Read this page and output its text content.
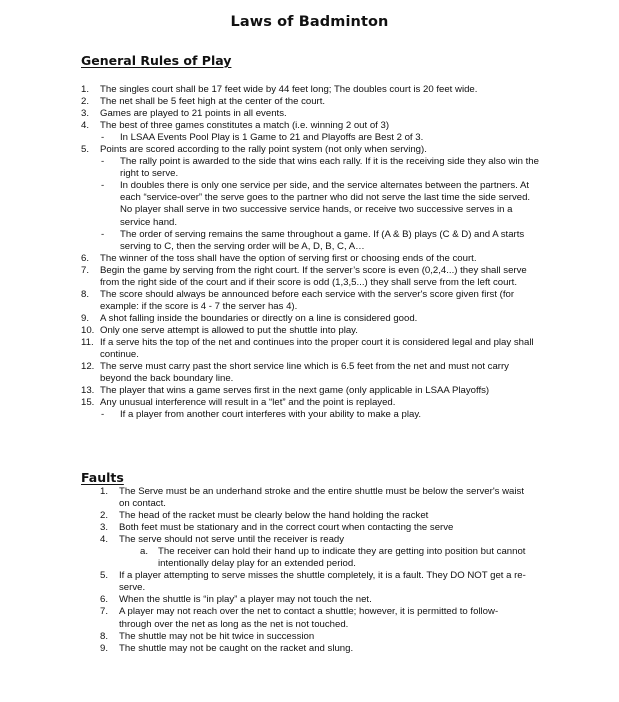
Laws of Badminton
General Rules of Play
1. The singles court shall be 17 feet wide by 44 feet long; The doubles court is 20 feet wide.
2. The net shall be 5 feet high at the center of the court.
3. Games are played to 21 points in all events.
4. The best of three games constitutes a match (i.e. winning 2 out of 3)
- In LSAA Events Pool Play is 1 Game to 21 and Playoffs are Best 2 of 3.
5. Points are scored according to the rally point system (not only when serving).
- The rally point is awarded to the side that wins each rally. If it is the receiving side they also win the right to serve.
- In doubles there is only one service per side, and the service alternates between the partners. At each “service-over” the serve goes to the partner who did not serve the last time the side served. No player shall serve in two successive service hands, or receive two successive serves in a service hand.
- The order of serving remains the same throughout a game. If (A & B) plays (C & D) and A starts serving to C, then the serving order will be A, D, B, C, A…
6. The winner of the toss shall have the option of serving first or choosing ends of the court.
7. Begin the game by serving from the right court. If the server’s score is even (0,2,4...) they shall serve from the right side of the court and if their score is odd (1,3,5...) they shall serve from the left court.
8. The score should always be announced before each service with the server's score given first (for example: if the score is 4 - 7 the server has 4).
9. A shot falling inside the boundaries or directly on a line is considered good.
10. Only one serve attempt is allowed to put the shuttle into play.
11. If a serve hits the top of the net and continues into the proper court it is considered legal and play shall continue.
12. The serve must carry past the short service line which is 6.5 feet from the net and must not carry beyond the back boundary line.
13. The player that wins a game serves first in the next game (only applicable in LSAA Playoffs)
15. Any unusual interference will result in a “let” and the point is replayed.
- If a player from another court interferes with your ability to make a play.
Faults
1. The Serve must be an underhand stroke and the entire shuttle must be below the server's waist on contact.
2. The head of the racket must be clearly below the hand holding the racket
3. Both feet must be stationary and in the correct court when contacting the serve
4. The serve should not serve until the receiver is ready
a. The receiver can hold their hand up to indicate they are getting into position but cannot intentionally delay play for an extended period.
5. If a player attempting to serve misses the shuttle completely, it is a fault. They DO NOT get a re-serve.
6. When the shuttle is “in play” a player may not touch the net.
7. A player may not reach over the net to contact a shuttle; however, it is permitted to follow-through over the net as long as the net is not touched.
8. The shuttle may not be hit twice in succession
9. The shuttle may not be caught on the racket and slung.
